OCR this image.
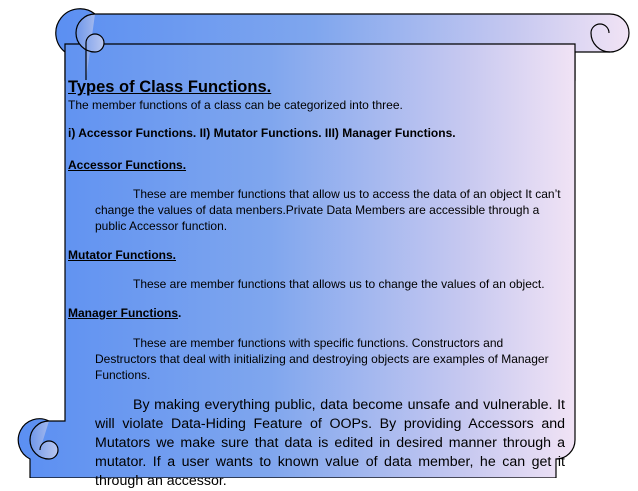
Types of Class Functions.
The member functions of a class can be categorized into three.
i) Accessor Functions. II) Mutator Functions. III) Manager Functions.
Accessor Functions.
These are member functions that allow us to access the data of an object It can’t change the values of data menbers.Private Data Members are accessible through a public Accessor function.
Mutator Functions.
These are member functions that allows us to change the values of an object.
Manager Functions.
These are member functions with specific functions. Constructors and Destructors that deal with initializing and destroying objects are examples of Manager Functions.
By making everything public, data become unsafe and vulnerable. It will violate Data-Hiding Feature of OOPs. By providing Accessors and Mutators we make sure that data is edited in desired manner through a mutator. If a user wants to known value of data member, he can get it through an accessor.
